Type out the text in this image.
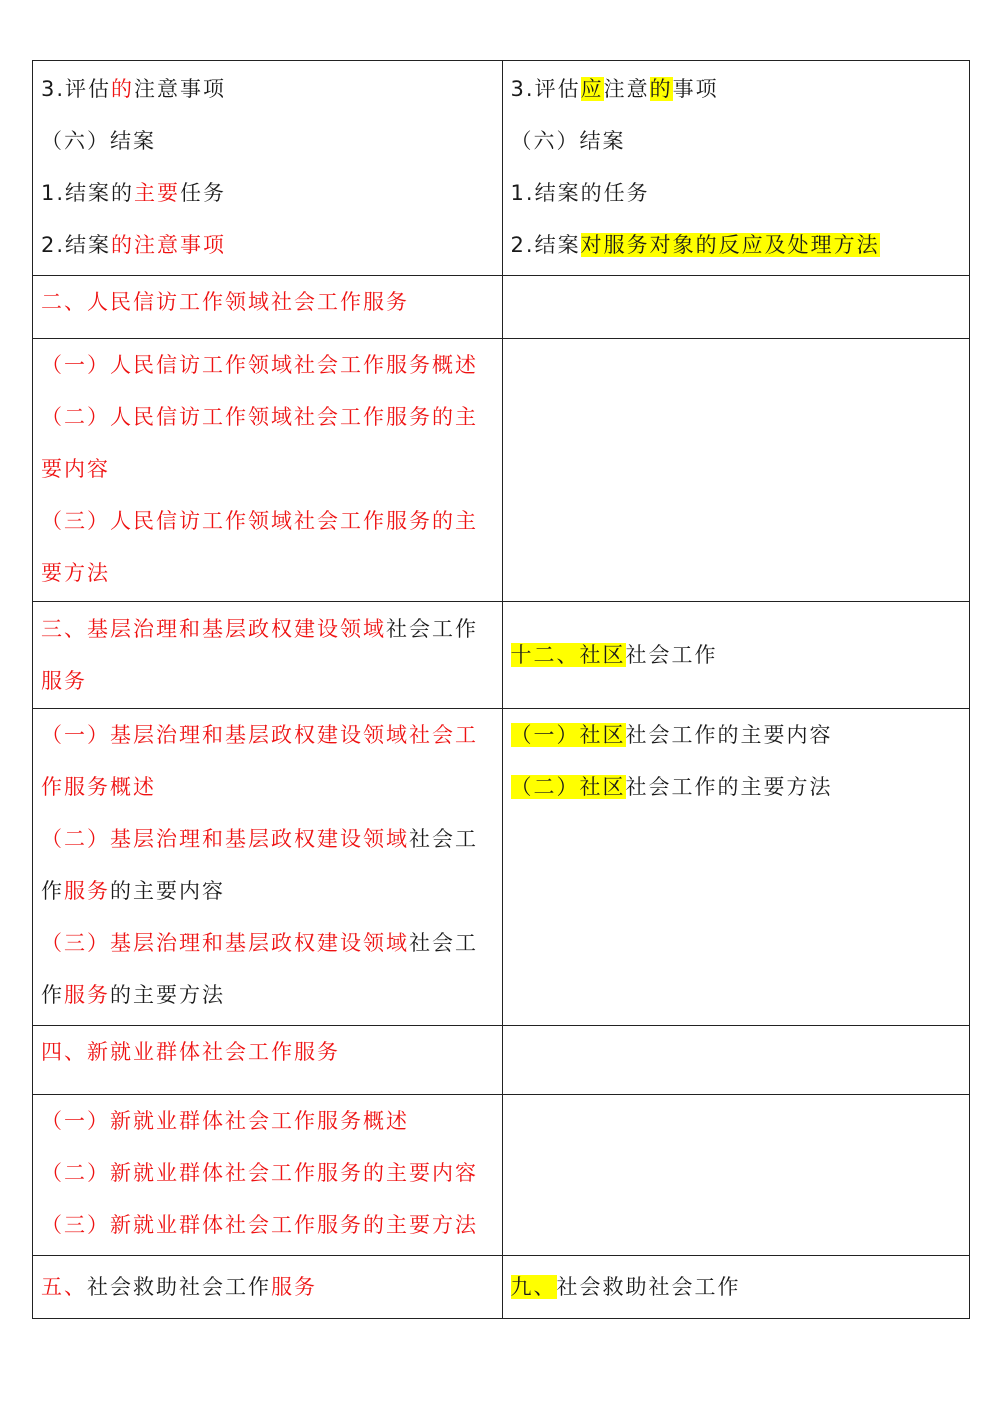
3.评估的注意事项
（六）结案
1.结案的主要任务
2.结案的注意事项	3.评估应注意的事项
（六）结案
1.结案的任务
2.结案对服务对象的反应及处理方法

二、人民信访工作领域社会工作服务	

（一）人民信访工作领域社会工作服务概述
（二）人民信访工作领域社会工作服务的主要内容
（三）人民信访工作领域社会工作服务的主要方法	

三、基层治理和基层政权建设领域社会工作服务	十二、社区社会工作

（一）基层治理和基层政权建设领域社会工作服务概述
（二）基层治理和基层政权建设领域社会工作服务的主要内容
（三）基层治理和基层政权建设领域社会工作服务的主要方法	（一）社区社会工作的主要内容
（二）社区社会工作的主要方法

四、新就业群体社会工作服务	

（一）新就业群体社会工作服务概述
（二）新就业群体社会工作服务的主要内容
（三）新就业群体社会工作服务的主要方法	

五、社会救助社会工作服务	九、社会救助社会工作
